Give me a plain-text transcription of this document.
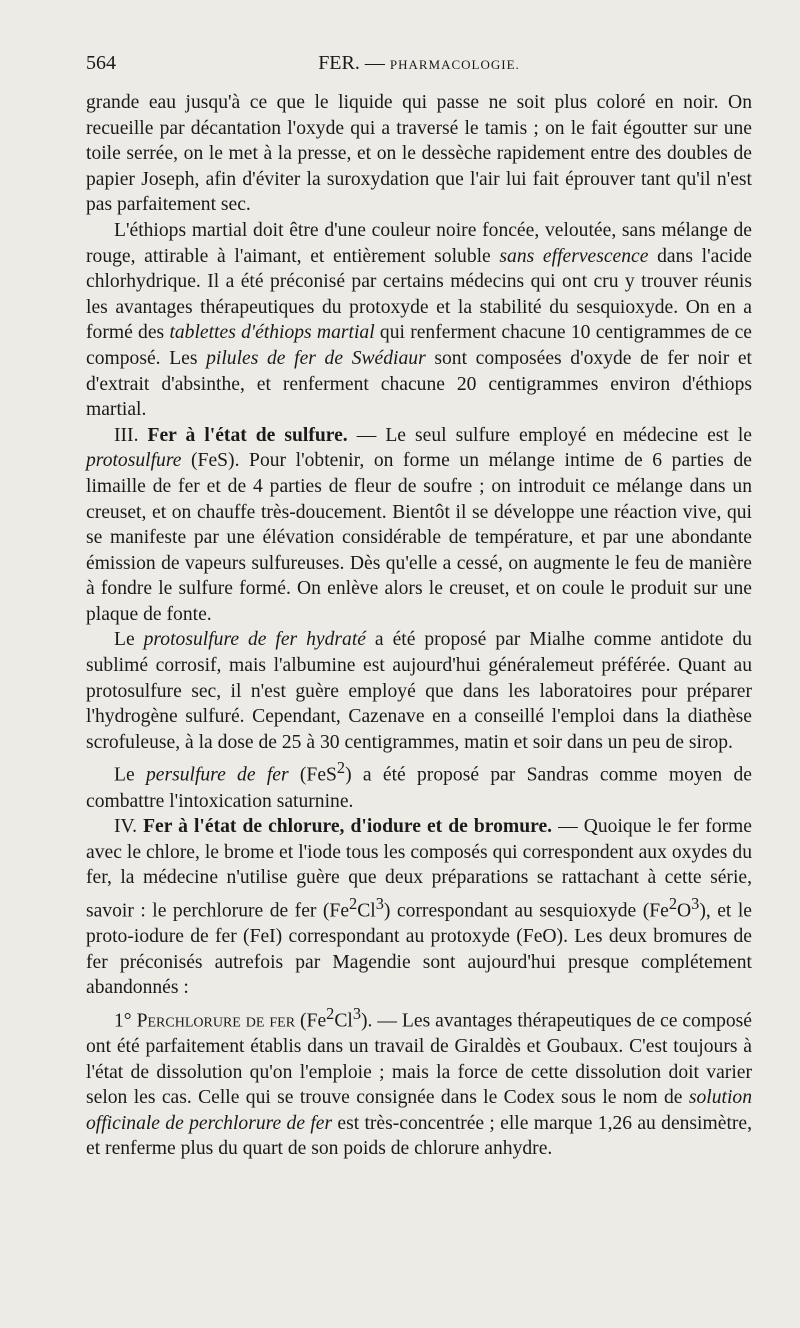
564	FER. — PHARMACOLOGIE.

grande eau jusqu'à ce que le liquide qui passe ne soit plus coloré en noir. On recueille par décantation l'oxyde qui a traversé le tamis ; on le fait égoutter sur une toile serrée, on le met à la presse, et on le dessèche rapidement entre des doubles de papier Joseph, afin d'éviter la suroxydation que l'air lui fait éprouver tant qu'il n'est pas parfaitement sec.

L'éthiops martial doit être d'une couleur noire foncée, veloutée, sans mélange de rouge, attirable à l'aimant, et entièrement soluble sans effervescence dans l'acide chlorhydrique. Il a été préconisé par certains médecins qui ont cru y trouver réunis les avantages thérapeutiques du protoxyde et la stabilité du sesquioxyde. On en a formé des tablettes d'éthiops martial qui renferment chacune 10 centigrammes de ce composé. Les pilules de fer de Swédiaur sont composées d'oxyde de fer noir et d'extrait d'absinthe, et renferment chacune 20 centigrammes environ d'éthiops martial.

III. Fer à l'état de sulfure. — Le seul sulfure employé en médecine est le protosulfure (FeS). Pour l'obtenir, on forme un mélange intime de 6 parties de limaille de fer et de 4 parties de fleur de soufre ; on introduit ce mélange dans un creuset, et on chauffe très-doucement. Bientôt il se développe une réaction vive, qui se manifeste par une élévation considérable de température, et par une abondante émission de vapeurs sulfureuses. Dès qu'elle a cessé, on augmente le feu de manière à fondre le sulfure formé. On enlève alors le creuset, et on coule le produit sur une plaque de fonte.

Le protosulfure de fer hydraté a été proposé par Mialhe comme antidote du sublimé corrosif, mais l'albumine est aujourd'hui généralemeut préférée. Quant au protosulfure sec, il n'est guère employé que dans les laboratoires pour préparer l'hydrogène sulfuré. Cependant, Cazenave en a conseillé l'emploi dans la diathèse scrofuleuse, à la dose de 25 à 30 centigrammes, matin et soir dans un peu de sirop.

Le persulfure de fer (FeS$^2$) a été proposé par Sandras comme moyen de combattre l'intoxication saturnine.

IV. Fer à l'état de chlorure, d'iodure et de bromure. — Quoique le fer forme avec le chlore, le brome et l'iode tous les composés qui correspondent aux oxydes du fer, la médecine n'utilise guère que deux préparations se rattachant à cette série, savoir : le perchlorure de fer (Fe$^2$Cl$^3$) correspondant au sesquioxyde $(Fe^2O^3)$, et le proto-iodure de fer (FeI) correspondant au protoxyde (FeO). Les deux bromures de fer préconisés autrefois par Magendie sont aujourd'hui presque complétement abandonnés :

1° Perchlorure de fer (Fe$^2$Cl$^3$). — Les avantages thérapeutiques de ce composé ont été parfaitement établis dans un travail de Giraldès et Goubaux. C'est toujours à l'état de dissolution qu'on l'emploie ; mais la force de cette dissolution doit varier selon les cas. Celle qui se trouve consignée dans le Codex sous le nom de solution officinale de perchlorure de fer est très-concentrée ; elle marque 1,26 au densimètre, et renferme plus du quart de son poids de chlorure anhydre.
